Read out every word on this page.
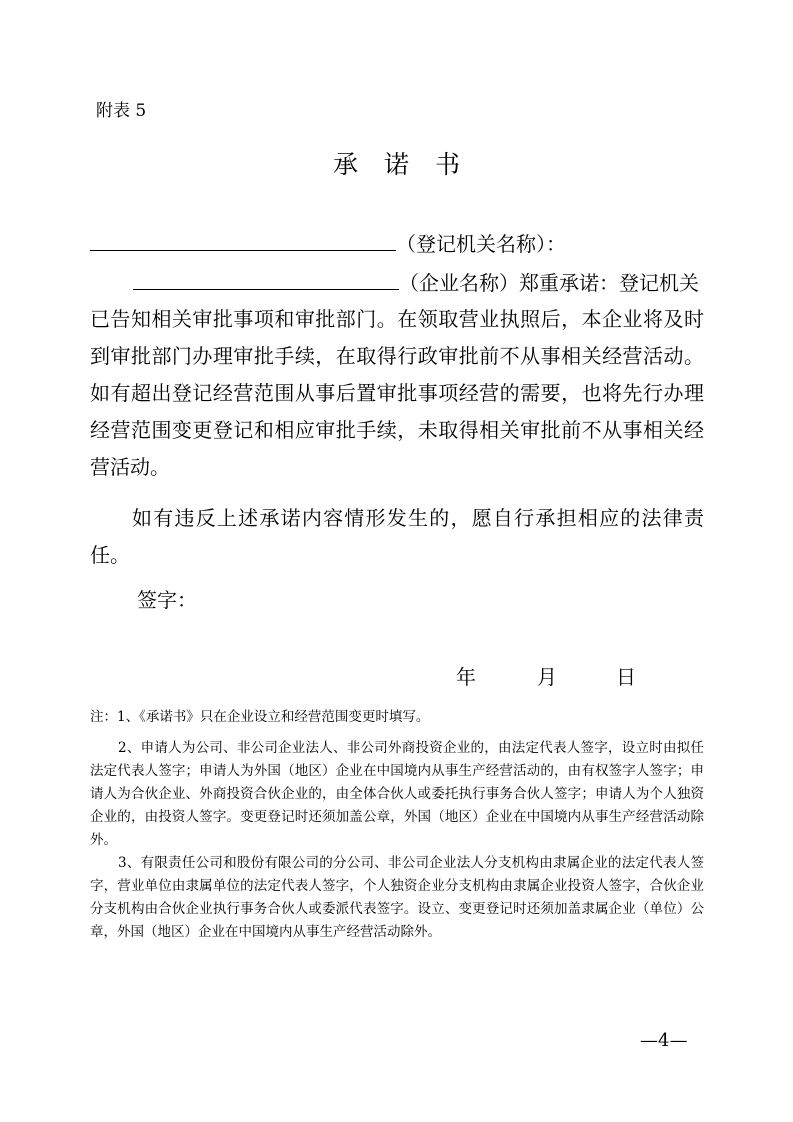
附表 5
承诺书
（登记机关名称）：
（企业名称）郑重承诺：登记机关
已告知相关审批事项和审批部门。在领取营业执照后，本企业将及时到审批部门办理审批手续，在取得行政审批前不从事相关经营活动。如有超出登记经营范围从事后置审批事项经营的需要，也将先行办理经营范围变更登记和相应审批手续，未取得相关审批前不从事相关经营活动。
如有违反上述承诺内容情形发生的，愿自行承担相应的法律责任。
签字：
年	月	日
注：1、《承诺书》只在企业设立和经营范围变更时填写。
2、申请人为公司、非公司企业法人、非公司外商投资企业的，由法定代表人签字，设立时由拟任法定代表人签字；申请人为外国（地区）企业在中国境内从事生产经营活动的，由有权签字人签字；申请人为合伙企业、外商投资合伙企业的，由全体合伙人或委托执行事务合伙人签字；申请人为个人独资企业的，由投资人签字。变更登记时还须加盖公章，外国（地区）企业在中国境内从事生产经营活动除外。
3、有限责任公司和股份有限公司的分公司、非公司企业法人分支机构由隶属企业的法定代表人签字，营业单位由隶属单位的法定代表人签字，个人独资企业分支机构由隶属企业投资人签字，合伙企业分支机构由合伙企业执行事务合伙人或委派代表签字。设立、变更登记时还须加盖隶属企业（单位）公章，外国（地区）企业在中国境内从事生产经营活动除外。
—4—
